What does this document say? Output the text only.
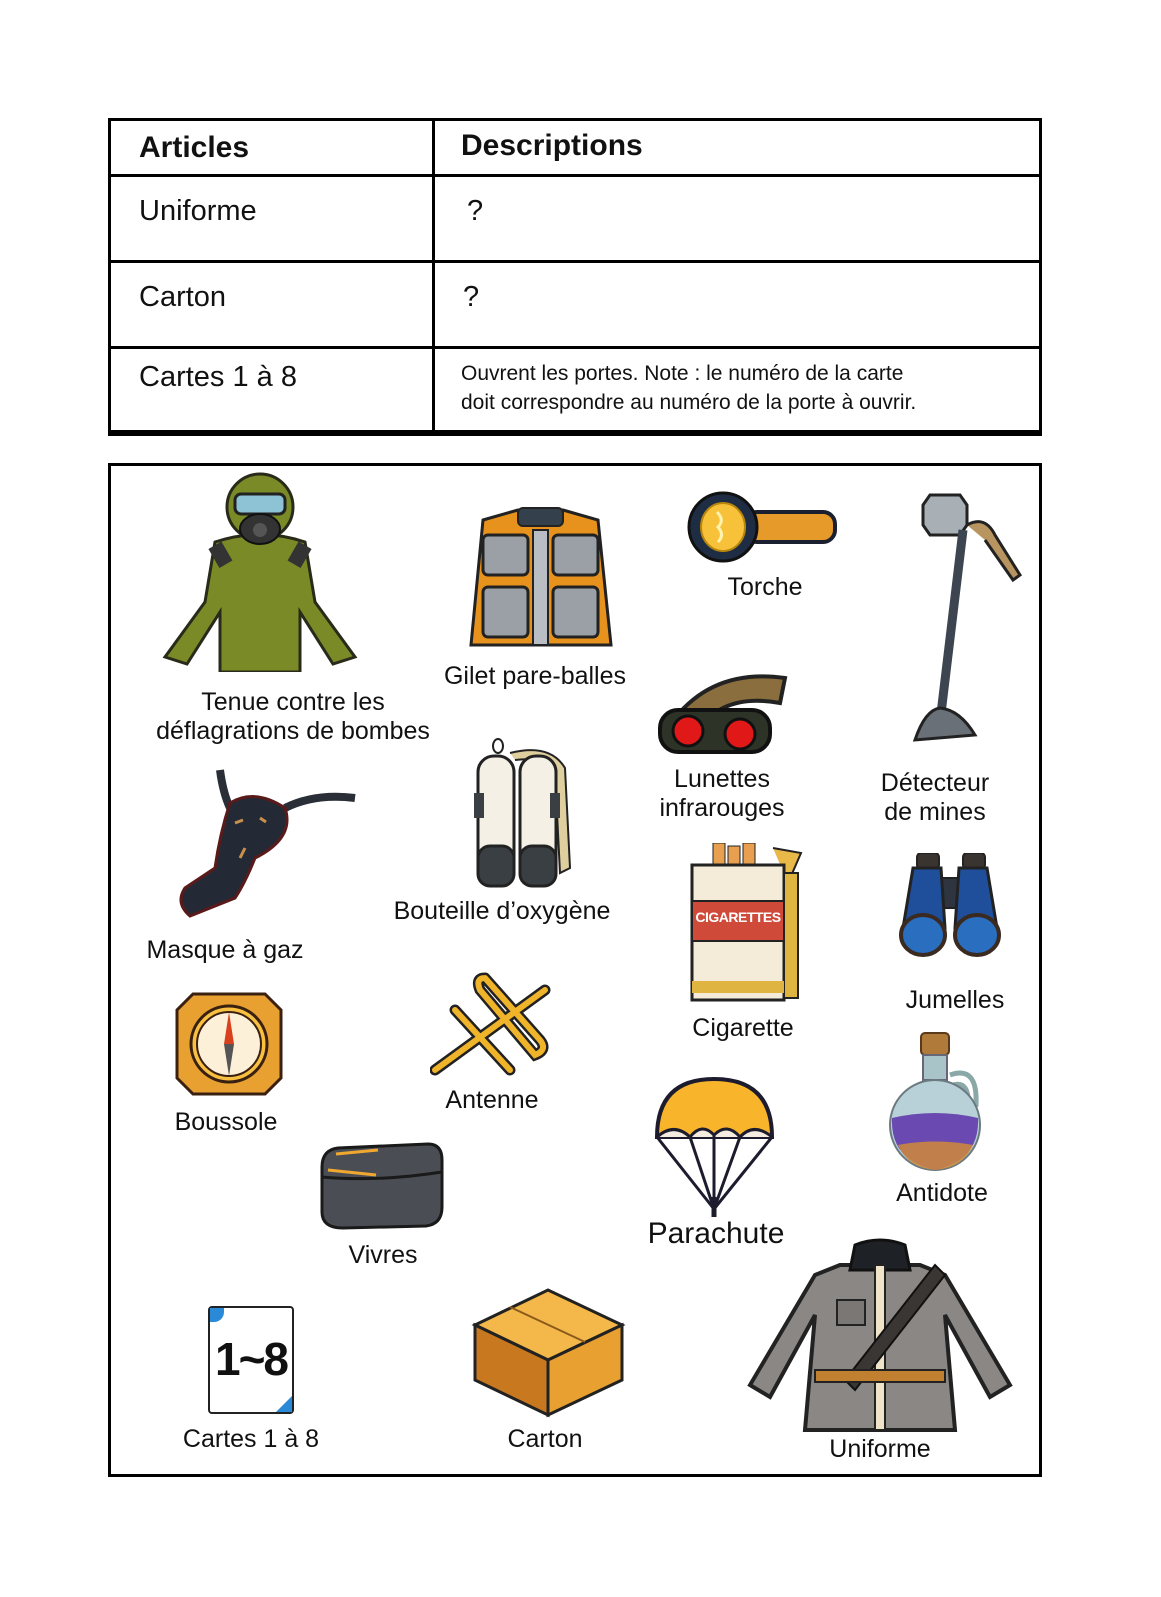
Articles	Descriptions
Uniforme	?
Carton	?
Cartes 1 à 8	Ouvrent les portes. Note : le numéro de la carte
doit correspondre au numéro de la porte à ouvrir.
Tenue contre les
déflagrations de bombes
Gilet pare-balles
Torche
Détecteur
de mines
Lunettes
infrarouges
Masque à gaz
Bouteille d’oxygène	CIGARETTES
Cigarette
Jumelles
Boussole
Antenne
Parachute
Antidote
Vivres
1~8
Cartes 1 à 8	Carton	Uniforme
